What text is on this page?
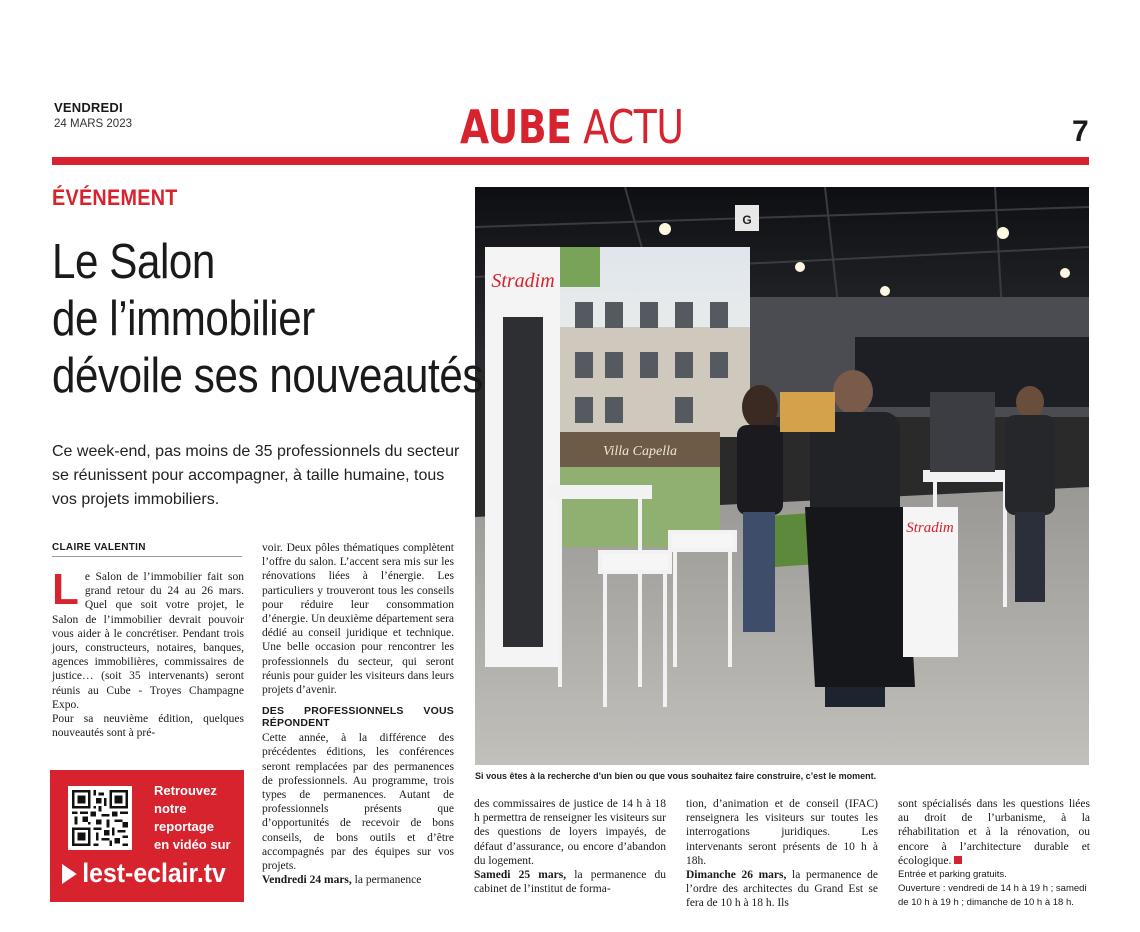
VENDREDI
24 MARS 2023	AUBE ACTU	7
ÉVÉNEMENT
Le Salon
de l’immobilier
dévoile ses nouveautés

Ce week-end, pas moins de 35 professionnels du secteur se réunissent pour accompagner, à taille humaine, tous vos projets immobiliers.

CLAIRE VALENTIN

Le Salon de l’immobilier fait son grand retour du 24 au 26 mars. Quel que soit votre projet, le Salon de l’immobilier devrait pouvoir vous aider à le concrétiser. Pendant trois jours, constructeurs, notaires, banques, agences immobilières, commissaires de justice… (soit 35 intervenants) seront réunis au Cube - Troyes Champagne Expo.

Pour sa neuvième édition, quelques nouveautés sont à pré-

Retrouvez
notre
reportage
en vidéo sur
lest-eclair.tv

voir. Deux pôles thématiques complètent l’offre du salon. L’accent sera mis sur les rénovations liées à l’énergie. Les particuliers y trouveront tous les conseils pour réduire leur consommation d’énergie. Un deuxième département sera dédié au conseil juridique et technique. Une belle occasion pour rencontrer les professionnels du secteur, qui seront réunis pour guider les visiteurs dans leurs projets d’avenir.

DES PROFESSIONNELS VOUS RÉPONDENT

Cette année, à la différence des précédentes éditions, les conférences seront remplacées par des permanences de professionnels. Au programme, trois types de permanences. Autant de professionnels présents que d’opportunités de recevoir de bons conseils, de bons outils et d’être accompagnés par des équipes sur vos projets.

Vendredi 24 mars, la permanence

G
Stradim
Villa Capella
Stradim
Si vous êtes à la recherche d’un bien ou que vous souhaitez faire construire, c’est le moment.

des commissaires de justice de 14 h à 18 h permettra de renseigner les visiteurs sur des questions de loyers impayés, de défaut d’assurance, ou encore d’abandon du logement.

Samedi 25 mars, la permanence du cabinet de l’institut de forma-

tion, d’animation et de conseil (IFAC) renseignera les visiteurs sur toutes les interrogations juridiques. Les intervenants seront présents de 10 h à 18h.

Dimanche 26 mars, la permanence de l’ordre des architectes du Grand Est se fera de 10 h à 18 h. Ils

sont spécialisés dans les questions liées au droit de l’urbanisme, à la réhabilitation et à la rénovation, ou encore à l’architecture durable et écologique.

Entrée et parking gratuits.
Ouverture : vendredi de 14 h à 19 h ; samedi de 10 h à 19 h ; dimanche de 10 h à 18 h.
